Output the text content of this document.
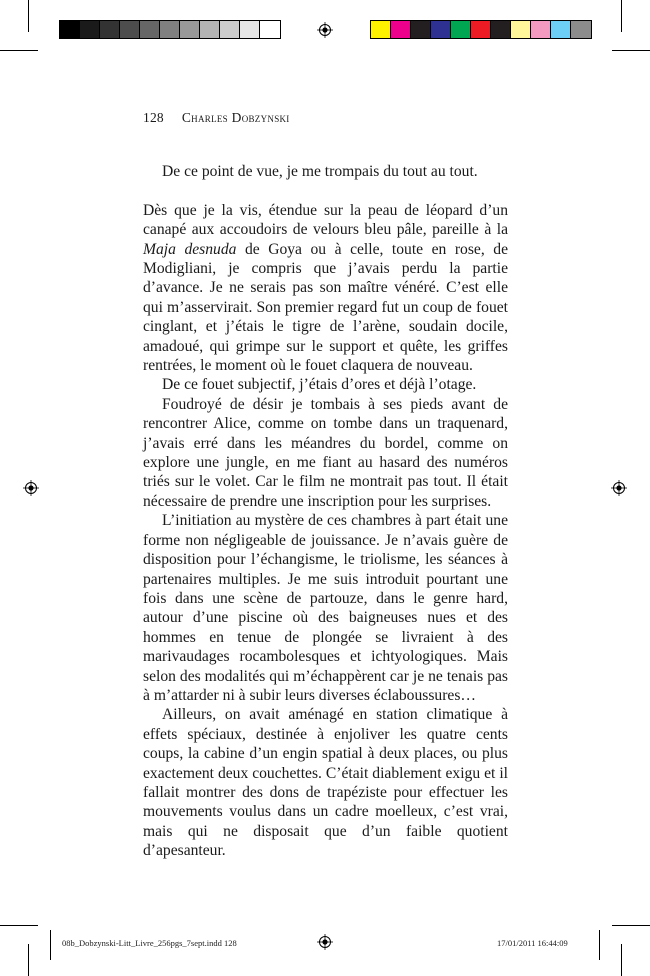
128 Charles Dobzynski

De ce point de vue, je me trompais du tout au tout.

Dès que je la vis, étendue sur la peau de léopard d’un canapé aux accoudoirs de velours bleu pâle, pareille à la Maja desnuda de Goya ou à celle, toute en rose, de Modigliani, je compris que j’avais perdu la partie d’avance. Je ne serais pas son maître vénéré. C’est elle qui m’asservirait. Son premier regard fut un coup de fouet cinglant, et j’étais le tigre de l’arène, soudain docile, amadoué, qui grimpe sur le support et quête, les griffes rentrées, le moment où le fouet claquera de nouveau.

De ce fouet subjectif, j’étais d’ores et déjà l’otage.

Foudroyé de désir je tombais à ses pieds avant de rencontrer Alice, comme on tombe dans un traquenard, j’avais erré dans les méandres du bordel, comme on explore une jungle, en me fiant au hasard des numéros triés sur le volet. Car le film ne montrait pas tout. Il était nécessaire de prendre une inscription pour les surprises.

L’initiation au mystère de ces chambres à part était une forme non négligeable de jouissance. Je n’avais guère de disposition pour l’échangisme, le triolisme, les séances à partenaires multiples. Je me suis introduit pourtant une fois dans une scène de partouze, dans le genre hard, autour d’une piscine où des baigneuses nues et des hommes en tenue de plongée se livraient à des marivaudages rocambolesques et ichtyologiques. Mais selon des modalités qui m’échappèrent car je ne tenais pas à m’attarder ni à subir leurs diverses éclaboussures…

Ailleurs, on avait aménagé en station climatique à effets spéciaux, destinée à enjoliver les quatre cents coups, la cabine d’un engin spatial à deux places, ou plus exactement deux couchettes. C’était diablement exigu et il fallait montrer des dons de trapéziste pour effectuer les mouvements voulus dans un cadre moelleux, c’est vrai, mais qui ne disposait que d’un faible quotient d’apesanteur.

08b_Dobzynski-Litt_Livre_256pgs_7sept.indd 128	17/01/2011 16:44:09
